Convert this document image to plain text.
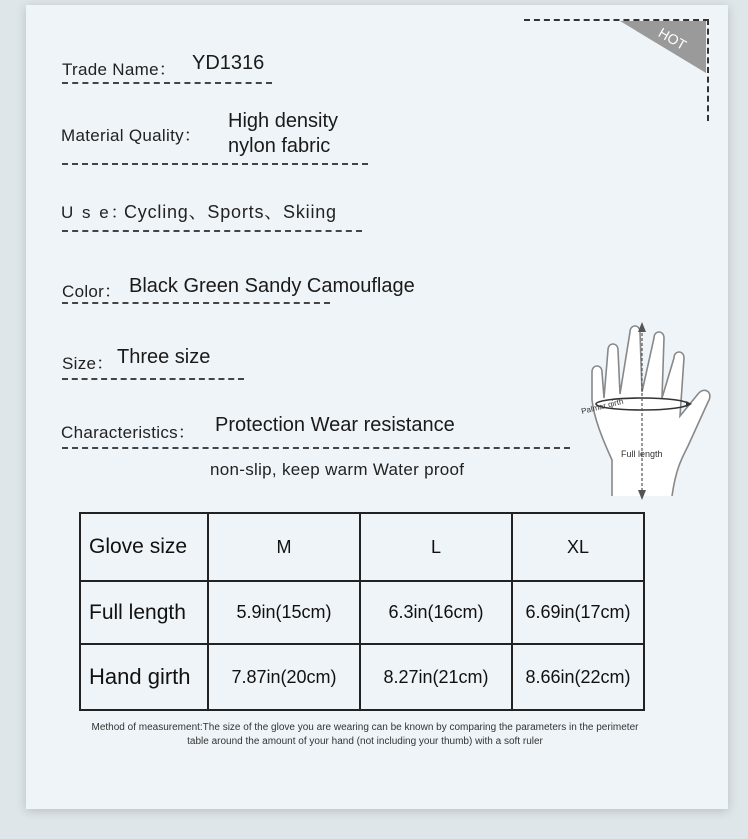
HOT
Trade Name： YD1316
Material Quality：
High density
nylon fabric
U s e：
Cycling、Sports、Skiing
Color： Black Green Sandy Camouflage
Size： Three size
Characteristics： Protection Wear resistance
non-slip, keep warm Water proof
Palmar girth
Full length
Glove size	M	L	XL
Full length	5.9in(15cm)	6.3in(16cm)	6.69in(17cm)
Hand girth	7.87in(20cm)	8.27in(21cm)	8.66in(22cm)
Method of measurement:The size of the glove you are wearing can be known by comparing the parameters in the perimeter table around the amount of your hand (not including your thumb) with a soft ruler
